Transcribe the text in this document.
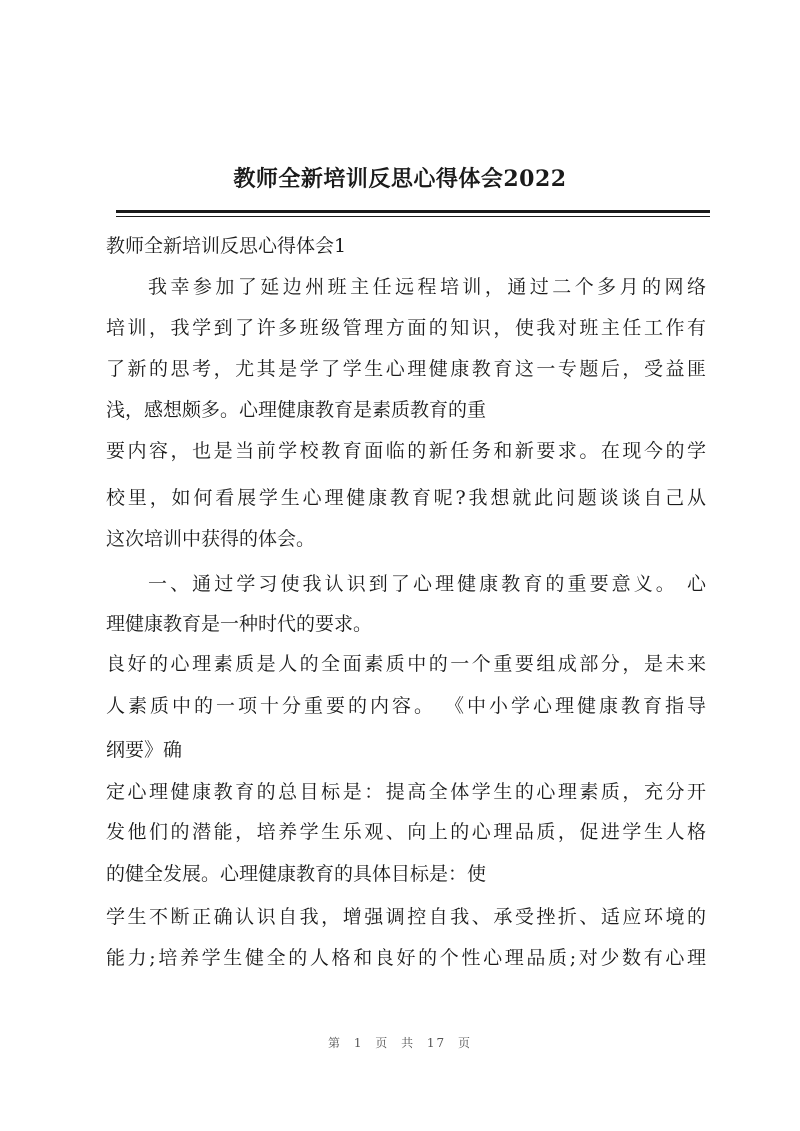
教师全新培训反思心得体会2022
教师全新培训反思心得体会1
我幸参加了延边州班主任远程培训，通过二个多月的网络
培训，我学到了许多班级管理方面的知识，使我对班主任工作有
了新的思考，尤其是学了学生心理健康教育这一专题后，受益匪
浅，感想颇多。心理健康教育是素质教育的重
要内容，也是当前学校教育面临的新任务和新要求。在现今的学
校里，如何看展学生心理健康教育呢?我想就此问题谈谈自己从
这次培训中获得的体会。
一、通过学习使我认识到了心理健康教育的重要意义。 心
理健康教育是一种时代的要求。
良好的心理素质是人的全面素质中的一个重要组成部分，是未来
人素质中的一项十分重要的内容。 《中小学心理健康教育指导
纲要》确
定心理健康教育的总目标是：提高全体学生的心理素质，充分开
发他们的潜能，培养学生乐观、向上的心理品质，促进学生人格
的健全发展。心理健康教育的具体目标是：使
学生不断正确认识自我，增强调控自我、承受挫折、适应环境的
能力;培养学生健全的人格和良好的个性心理品质;对少数有心理
第 1 页 共 17 页
